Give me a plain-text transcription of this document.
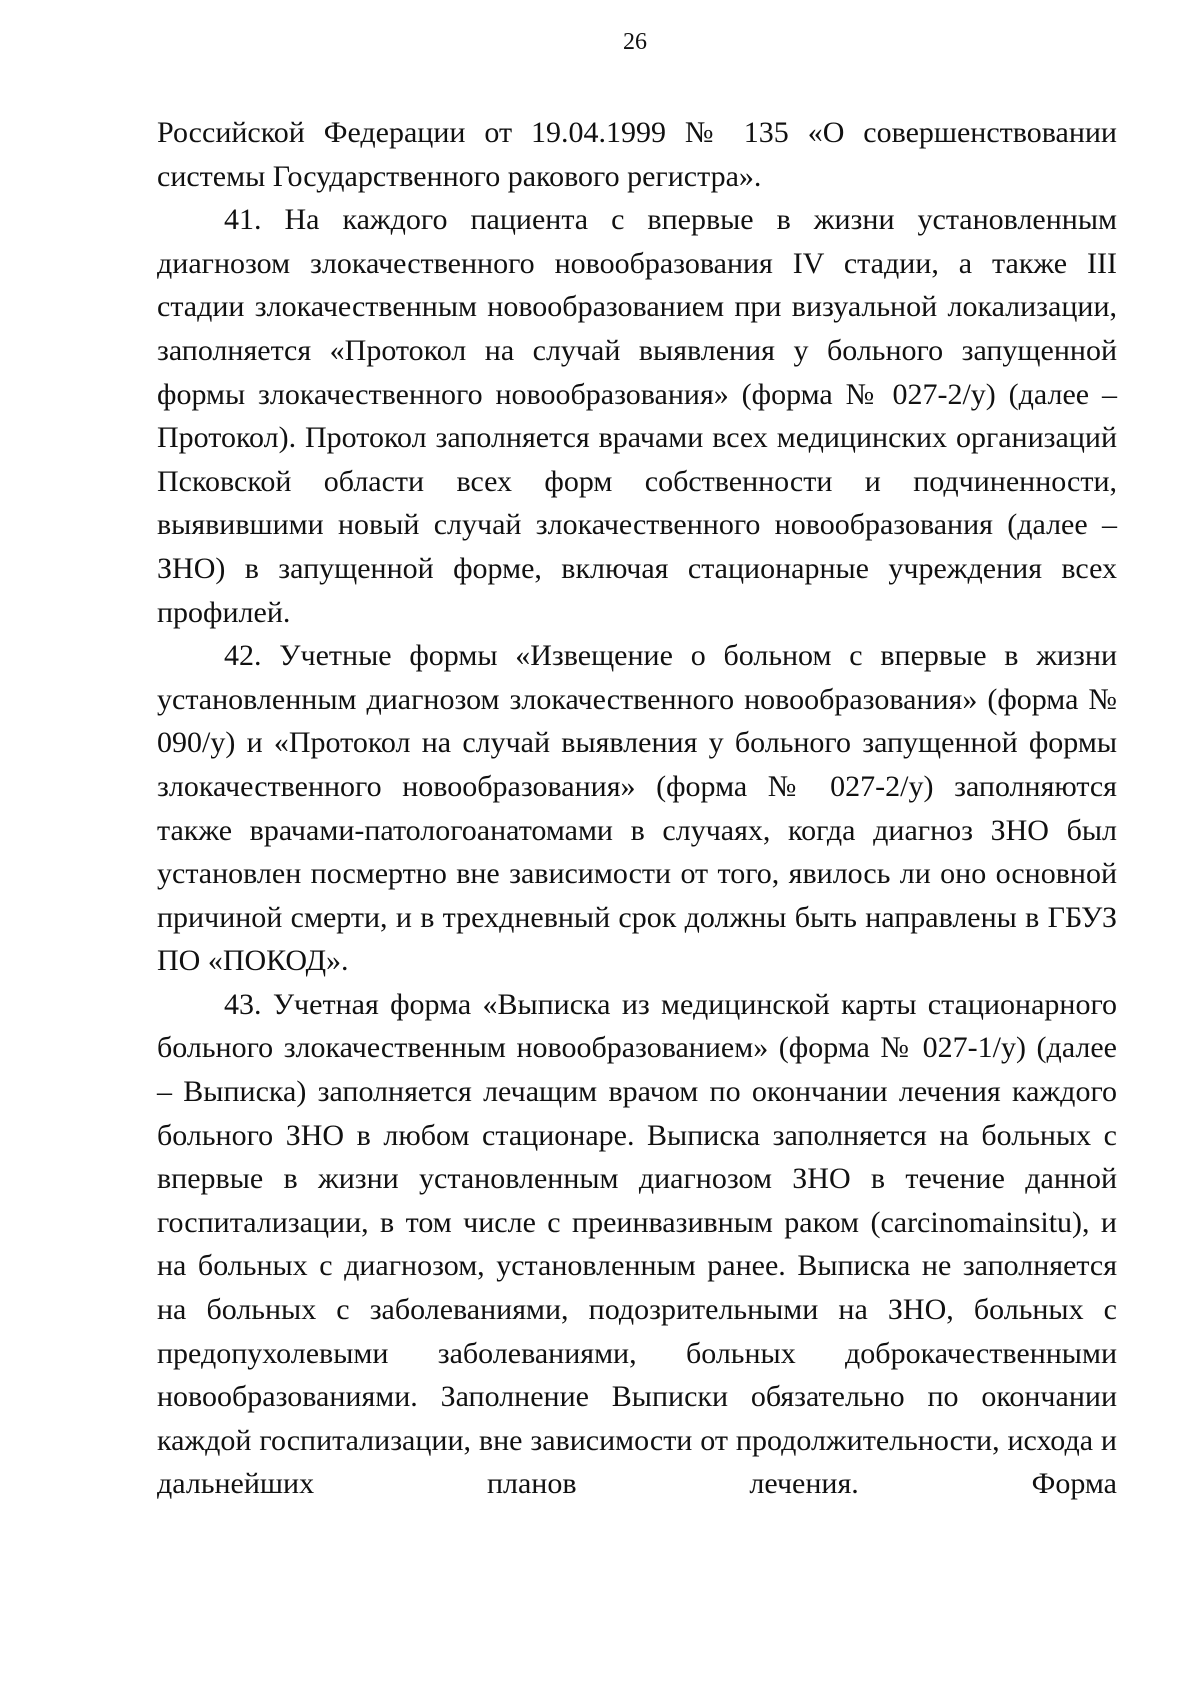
26

Российской Федерации от 19.04.1999 № 135 «О совершенствовании системы Государственного ракового регистра».

41. На каждого пациента с впервые в жизни установленным диагнозом злокачественного новообразования IV стадии, а также III стадии злокачественным новообразованием при визуальной локализации, заполняется «Протокол на случай выявления у больного запущенной формы злокачественного новообразования» (форма № 027-2/у) (далее – Протокол). Протокол заполняется врачами всех медицинских организаций Псковской области всех форм собственности и подчиненности, выявившими новый случай злокачественного новообразования (далее – ЗНО) в запущенной форме, включая стационарные учреждения всех профилей.

42. Учетные формы «Извещение о больном с впервые в жизни установленным диагнозом злокачественного новообразования» (форма № 090/у) и «Протокол на случай выявления у больного запущенной формы злокачественного новообразования» (форма № 027-2/у) заполняются также врачами-патологоанатомами в случаях, когда диагноз ЗНО был установлен посмертно вне зависимости от того, явилось ли оно основной причиной смерти, и в трехдневный срок должны быть направлены в ГБУЗ ПО «ПОКОД».

43. Учетная форма «Выписка из медицинской карты стационарного больного злокачественным новообразованием» (форма № 027-1/у) (далее – Выписка) заполняется лечащим врачом по окончании лечения каждого больного ЗНО в любом стационаре. Выписка заполняется на больных с впервые в жизни установленным диагнозом ЗНО в течение данной госпитализации, в том числе с преинвазивным раком (carcinomainsitu), и на больных с диагнозом, установленным ранее. Выписка не заполняется на больных с заболеваниями, подозрительными на ЗНО, больных с предопухолевыми заболеваниями, больных доброкачественными новообразованиями. Заполнение Выписки обязательно по окончании каждой госпитализации, вне зависимости от продолжительности, исхода и дальнейших планов лечения. Форма
